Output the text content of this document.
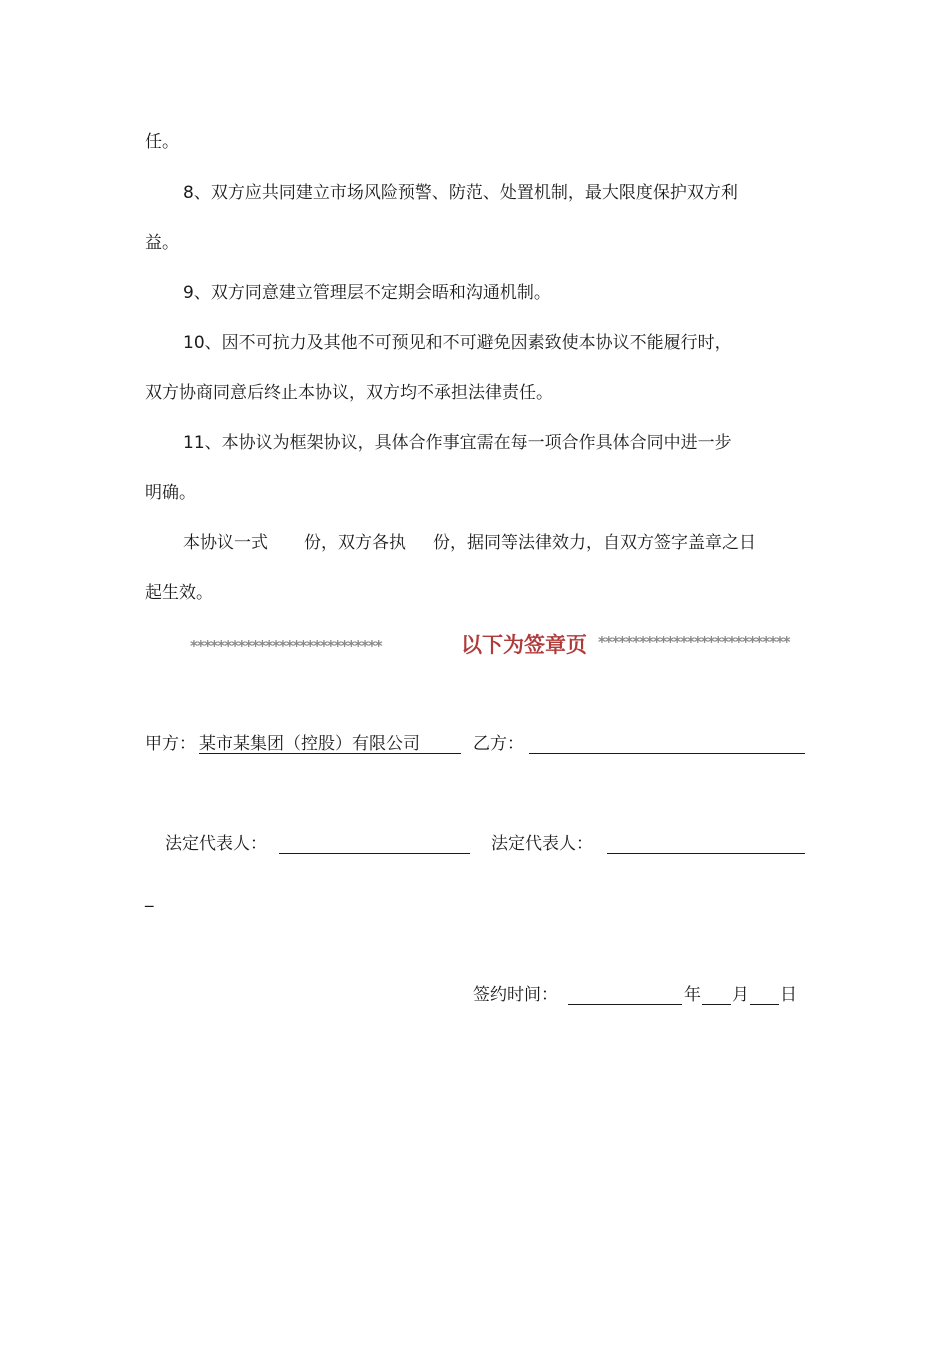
任。
8、双方应共同建立市场风险预警、防范、处置机制，最大限度保护双方利
益。
9、双方同意建立管理层不定期会晤和沟通机制。
10、因不可抗力及其他不可预见和不可避免因素致使本协议不能履行时，
双方协商同意后终止本协议，双方均不承担法律责任。
11、本协议为框架协议，具体合作事宜需在每一项合作具体合同中进一步
明确。
本协议一式 份，双方各执 份，据同等法律效力，自双方签字盖章之日
起生效。
****************************	以下为签章页 ****************************
甲方： 某市某集团（控股）有限公司	乙方：
法定代表人：	法定代表人：
_
签约时间：	年 月 日
